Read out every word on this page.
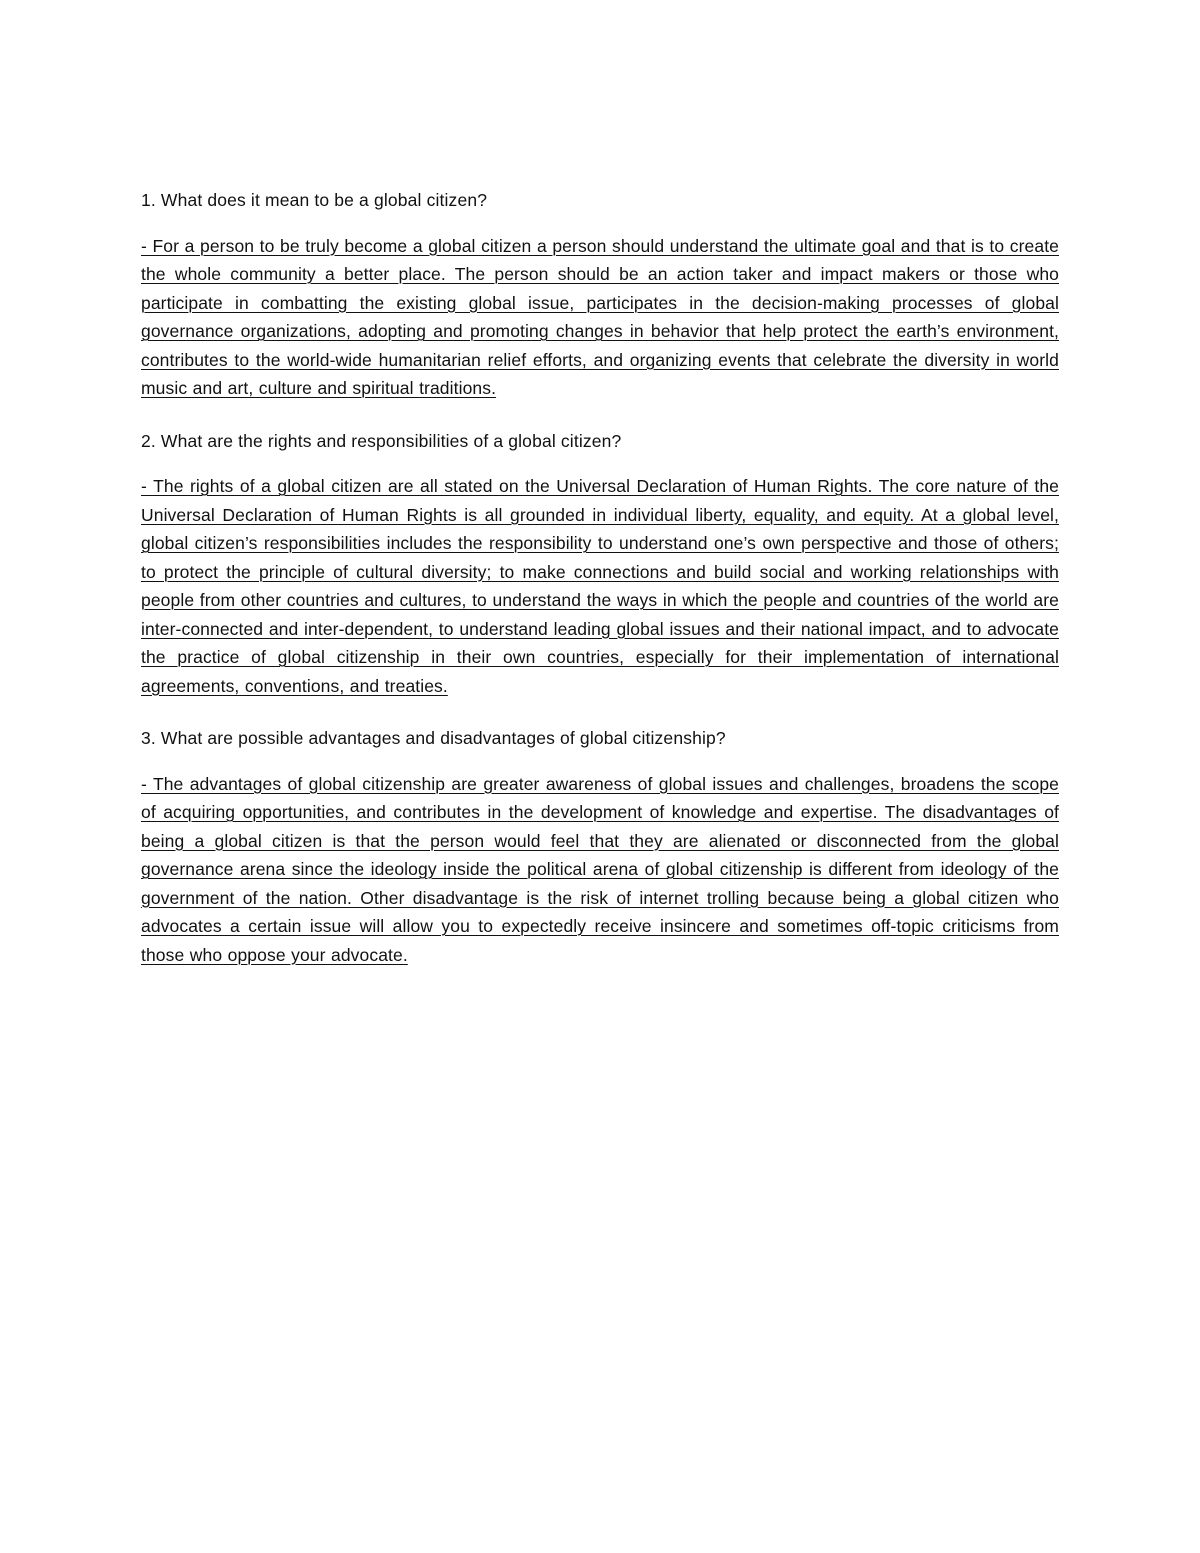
1. What does it mean to be a global citizen?

- For a person to be truly become a global citizen a person should understand the ultimate goal and that is to create the whole community a better place. The person should be an action taker and impact makers or those who participate in combatting the existing global issue, participates in the decision-making processes of global governance organizations, adopting and promoting changes in behavior that help protect the earth’s environment, contributes to the world-wide humanitarian relief efforts, and organizing events that celebrate the diversity in world music and art, culture and spiritual traditions.

2. What are the rights and responsibilities of a global citizen?

- The rights of a global citizen are all stated on the Universal Declaration of Human Rights. The core nature of the Universal Declaration of Human Rights is all grounded in individual liberty, equality, and equity. At a global level, global citizen’s responsibilities includes the responsibility to understand one’s own perspective and those of others; to protect the principle of cultural diversity; to make connections and build social and working relationships with people from other countries and cultures, to understand the ways in which the people and countries of the world are inter-connected and inter-dependent, to understand leading global issues and their national impact, and to advocate the practice of global citizenship in their own countries, especially for their implementation of international agreements, conventions, and treaties.

3. What are possible advantages and disadvantages of global citizenship?

- The advantages of global citizenship are greater awareness of global issues and challenges, broadens the scope of acquiring opportunities, and contributes in the development of knowledge and expertise. The disadvantages of being a global citizen is that the person would feel that they are alienated or disconnected from the global governance arena since the ideology inside the political arena of global citizenship is different from ideology of the government of the nation. Other disadvantage is the risk of internet trolling because being a global citizen who advocates a certain issue will allow you to expectedly receive insincere and sometimes off-topic criticisms from those who oppose your advocate.
